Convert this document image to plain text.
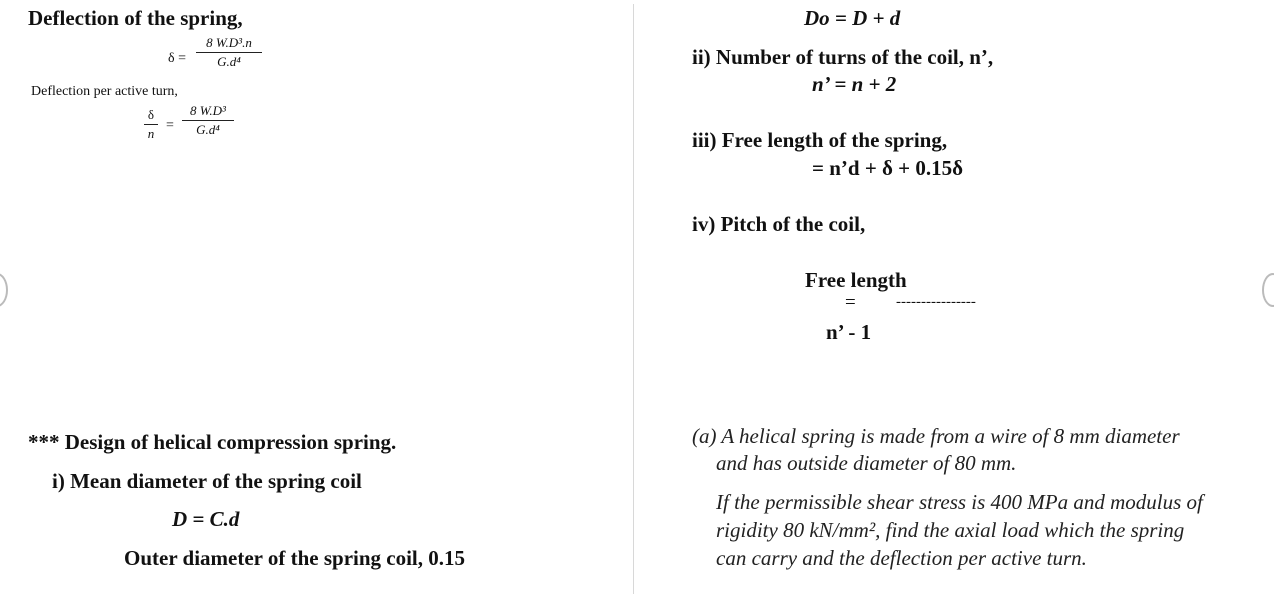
Deflection of the spring,
δ =
8 W.D³.n
G.d⁴
Deflection per active turn,
δ
n
=
8 W.D³
G.d⁴
*** Design of helical compression spring.
i) Mean diameter of the spring coil
D = C.d
Outer diameter of the spring coil, 0.15
Do = D + d
ii) Number of turns of the coil, n’,
n’ = n + 2
iii) Free length of the spring,
= n’d + δ + 0.15δ
iv) Pitch of the coil,
Free length
=	----------------
n’ - 1
(a) A helical spring is made from a wire of 8 mm diameter
and has outside diameter of 80 mm.
If the permissible shear stress is 400 MPa and modulus of
rigidity 80 kN/mm², find the axial load which the spring
can carry and the deflection per active turn.
